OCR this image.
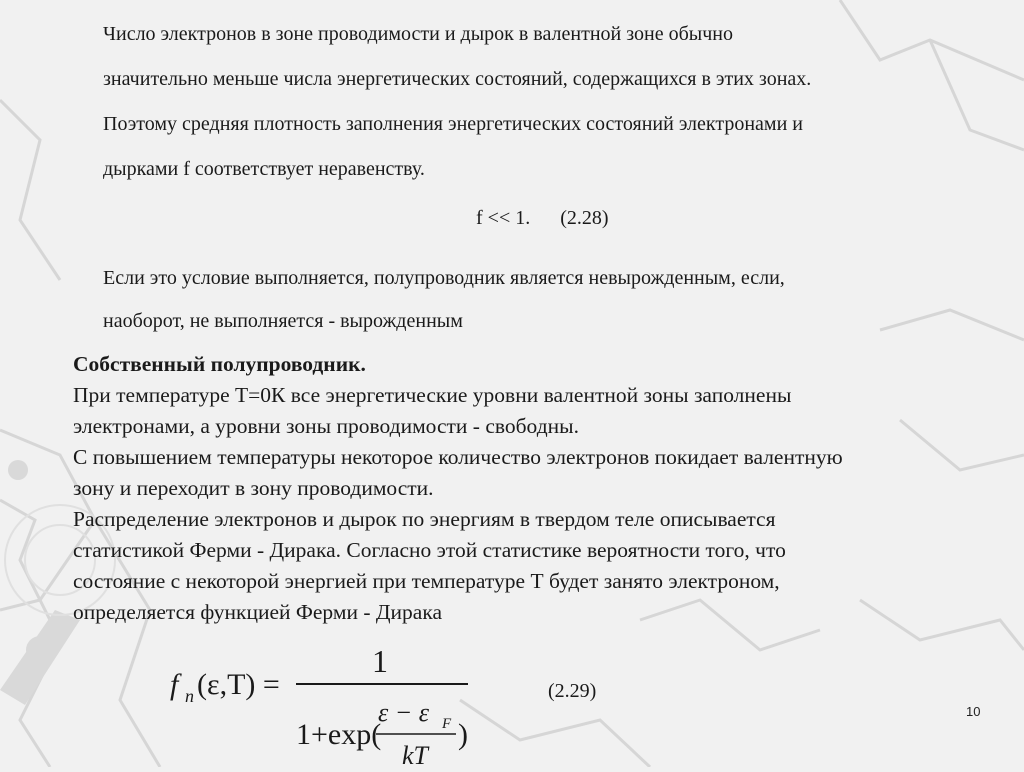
Число электронов в зоне проводимости и дырок в валентной зоне обычно
значительно меньше числа энергетических состояний, содержащихся в этих зонах.
Поэтому средняя плотность заполнения энергетических состояний электронами и
дырками f соответствует неравенству.
f << 1. (2.28)
Если это условие выполняется, полупроводник является невырожденным, если,
наоборот, не выполняется - вырожденным
Собственный полупроводник.
При температуре Т=0К все энергетические уровни валентной зоны заполнены
электронами, а уровни зоны проводимости - свободны.
С повышением температуры некоторое количество электронов покидает валентную
зону и переходит в зону проводимости.
Распределение электронов и дырок по энергиям в твердом теле описывается
статистикой Ферми - Дирака. Согласно этой статистике вероятности того, что
состояние с некоторой энергией при температуре Т будет занято электроном,
определяется функцией Ферми - Дирака
f n (ε,T) =
1
1+exp(
ε − ε F
kT
)
(2.29)
10
